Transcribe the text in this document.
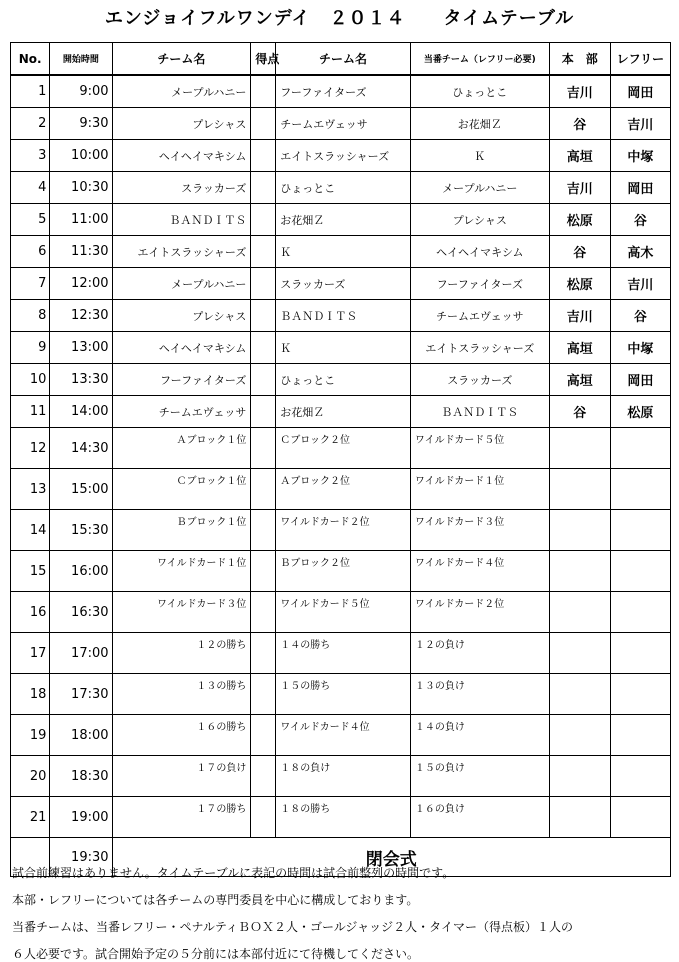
エンジョイフルワンデイ　２０１４　　タイムテーブル
No.	開始時間	チーム名	得点	チーム名	当番チーム（レフリー必要)	本　部	レフリー
1	9:00	メープルハニー		フーファイターズ	ひょっとこ	吉川	岡田
2	9:30	プレシャス		チームエヴェッサ	お花畑Ｚ	谷	吉川
3	10:00	ヘイヘイマキシム		エイトスラッシャーズ	Ｋ	高垣	中塚
4	10:30	スラッカーズ		ひょっとこ	メープルハニー	吉川	岡田
5	11:00	ＢＡＮＤＩＴＳ		お花畑Ｚ	プレシャス	松原	谷
6	11:30	エイトスラッシャーズ		Ｋ	ヘイヘイマキシム	谷	高木
7	12:00	メープルハニー		スラッカーズ	フーファイターズ	松原	吉川
8	12:30	プレシャス		ＢＡＮＤＩＴＳ	チームエヴェッサ	吉川	谷
9	13:00	ヘイヘイマキシム		Ｋ	エイトスラッシャーズ	高垣	中塚
10	13:30	フーファイターズ		ひょっとこ	スラッカーズ	高垣	岡田
11	14:00	チームエヴェッサ		お花畑Ｚ	ＢＡＮＤＩＴＳ	谷	松原
12	14:30	Ａブロック１位		Ｃブロック２位	ワイルドカード５位		
13	15:00	Ｃブロック１位		Ａブロック２位	ワイルドカード１位		
14	15:30	Ｂブロック１位		ワイルドカード２位	ワイルドカード３位		
15	16:00	ワイルドカード１位		Ｂブロック２位	ワイルドカード４位		
16	16:30	ワイルドカード３位		ワイルドカード５位	ワイルドカード２位		
17	17:00	１２の勝ち		１４の勝ち	１２の負け		
18	17:30	１３の勝ち		１５の勝ち	１３の負け		
19	18:00	１６の勝ち		ワイルドカード４位	１４の負け		
20	18:30	１７の負け		１８の負け	１５の負け		
21	19:00	１７の勝ち		１８の勝ち	１６の負け		
	19:30	閉会式					
試合前練習はありません。タイムテーブルに表記の時間は試合前整列の時間です。
本部・レフリーについては各チームの専門委員を中心に構成しております。
当番チームは、当番レフリー・ペナルティＢＯＸ２人・ゴールジャッジ２人・タイマー（得点板）１人の
６人必要です。試合開始予定の５分前には本部付近にて待機してください。
